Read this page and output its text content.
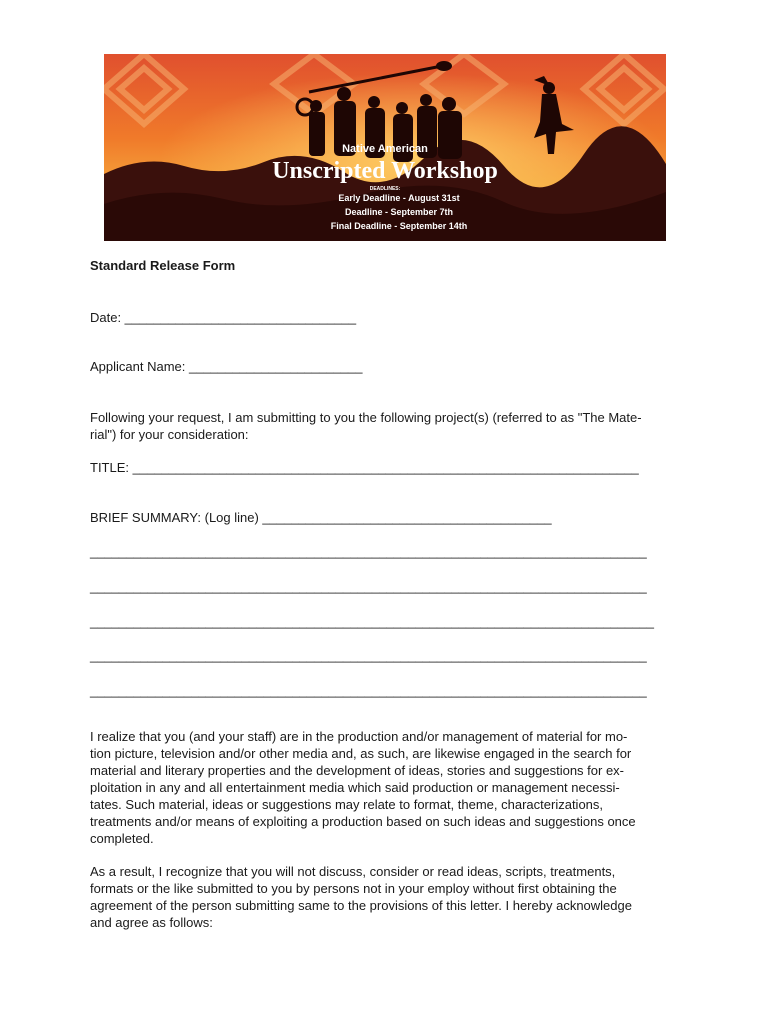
Native American
Unscripted Workshop
DEADLINES:
Early Deadline - August 31st
Deadline - September 7th
Final Deadline - September 14th
Standard Release Form
Date: ________________________________
Applicant Name: ________________________
Following your request, I am submitting to you the following project(s) (referred to as "The Mate-
rial") for your consideration:
TITLE: ______________________________________________________________________
BRIEF SUMMARY: (Log line) ________________________________________
_____________________________________________________________________________
_____________________________________________________________________________
______________________________________________________________________________
_____________________________________________________________________________
_____________________________________________________________________________
I realize that you (and your staff) are in the production and/or management of material for mo-
tion picture, television and/or other media and, as such, are likewise engaged in the search for
material and literary properties and the development of ideas, stories and suggestions for ex-
ploitation in any and all entertainment media which said production or management necessi-
tates. Such material, ideas or suggestions may relate to format, theme, characterizations,
treatments and/or means of exploiting a production based on such ideas and suggestions once
completed.
As a result, I recognize that you will not discuss, consider or read ideas, scripts, treatments,
formats or the like submitted to you by persons not in your employ without first obtaining the
agreement of the person submitting same to the provisions of this letter. I hereby acknowledge
and agree as follows:
